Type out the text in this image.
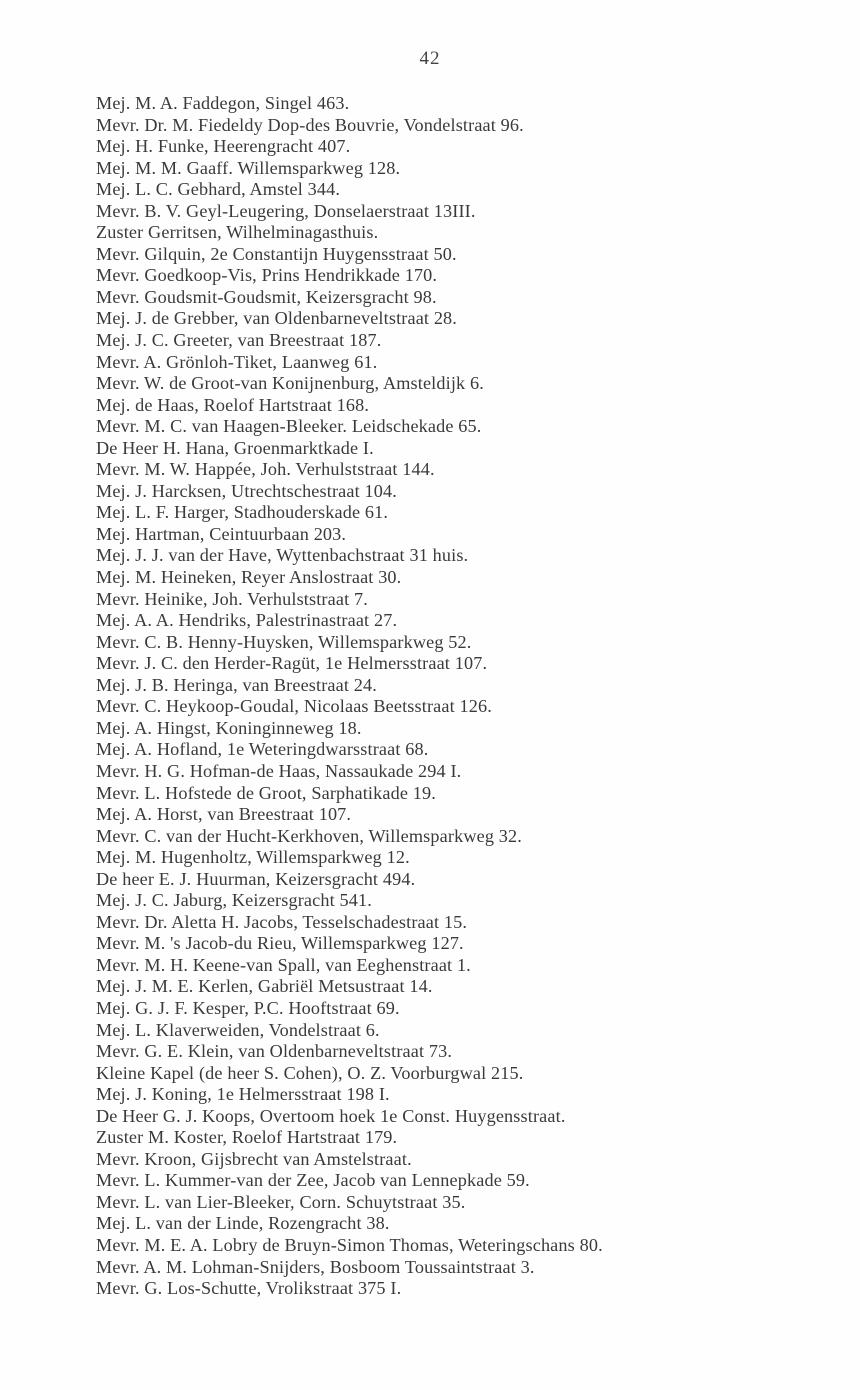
42
Mej. M. A. Faddegon, Singel 463.
Mevr. Dr. M. Fiedeldy Dop-des Bouvrie, Vondelstraat 96.
Mej. H. Funke, Heerengracht 407.
Mej. M. M. Gaaff. Willemsparkweg 128.
Mej. L. C. Gebhard, Amstel 344.
Mevr. B. V. Geyl-Leugering, Donselaerstraat 13III.
Zuster Gerritsen, Wilhelminagasthuis.
Mevr. Gilquin, 2e Constantijn Huygensstraat 50.
Mevr. Goedkoop-Vis, Prins Hendrikkade 170.
Mevr. Goudsmit-Goudsmit, Keizersgracht 98.
Mej. J. de Grebber, van Oldenbarneveltstraat 28.
Mej. J. C. Greeter, van Breestraat 187.
Mevr. A. Grönloh-Tiket, Laanweg 61.
Mevr. W. de Groot-van Konijnenburg, Amsteldijk 6.
Mej. de Haas, Roelof Hartstraat 168.
Mevr. M. C. van Haagen-Bleeker. Leidschekade 65.
De Heer H. Hana, Groenmarktkade I.
Mevr. M. W. Happée, Joh. Verhulststraat 144.
Mej. J. Harcksen, Utrechtschestraat 104.
Mej. L. F. Harger, Stadhouderskade 61.
Mej. Hartman, Ceintuurbaan 203.
Mej. J. J. van der Have, Wyttenbachstraat 31 huis.
Mej. M. Heineken, Reyer Anslostraat 30.
Mevr. Heinike, Joh. Verhulststraat 7.
Mej. A. A. Hendriks, Palestrinastraat 27.
Mevr. C. B. Henny-Huysken, Willemsparkweg 52.
Mevr. J. C. den Herder-Ragüt, 1e Helmersstraat 107.
Mej. J. B. Heringa, van Breestraat 24.
Mevr. C. Heykoop-Goudal, Nicolaas Beetsstraat 126.
Mej. A. Hingst, Koninginneweg 18.
Mej. A. Hofland, 1e Weteringdwarsstraat 68.
Mevr. H. G. Hofman-de Haas, Nassaukade 294 I.
Mevr. L. Hofstede de Groot, Sarphatikade 19.
Mej. A. Horst, van Breestraat 107.
Mevr. C. van der Hucht-Kerkhoven, Willemsparkweg 32.
Mej. M. Hugenholtz, Willemsparkweg 12.
De heer E. J. Huurman, Keizersgracht 494.
Mej. J. C. Jaburg, Keizersgracht 541.
Mevr. Dr. Aletta H. Jacobs, Tesselschadestraat 15.
Mevr. M. 's Jacob-du Rieu, Willemsparkweg 127.
Mevr. M. H. Keene-van Spall, van Eeghenstraat 1.
Mej. J. M. E. Kerlen, Gabriël Metsustraat 14.
Mej. G. J. F. Kesper, P.C. Hooftstraat 69.
Mej. L. Klaverweiden, Vondelstraat 6.
Mevr. G. E. Klein, van Oldenbarneveltstraat 73.
Kleine Kapel (de heer S. Cohen), O. Z. Voorburgwal 215.
Mej. J. Koning, 1e Helmersstraat 198 I.
De Heer G. J. Koops, Overtoom hoek 1e Const. Huygensstraat.
Zuster M. Koster, Roelof Hartstraat 179.
Mevr. Kroon, Gijsbrecht van Amstelstraat.
Mevr. L. Kummer-van der Zee, Jacob van Lennepkade 59.
Mevr. L. van Lier-Bleeker, Corn. Schuytstraat 35.
Mej. L. van der Linde, Rozengracht 38.
Mevr. M. E. A. Lobry de Bruyn-Simon Thomas, Weteringschans 80.
Mevr. A. M. Lohman-Snijders, Bosboom Toussaintstraat 3.
Mevr. G. Los-Schutte, Vrolikstraat 375 I.
